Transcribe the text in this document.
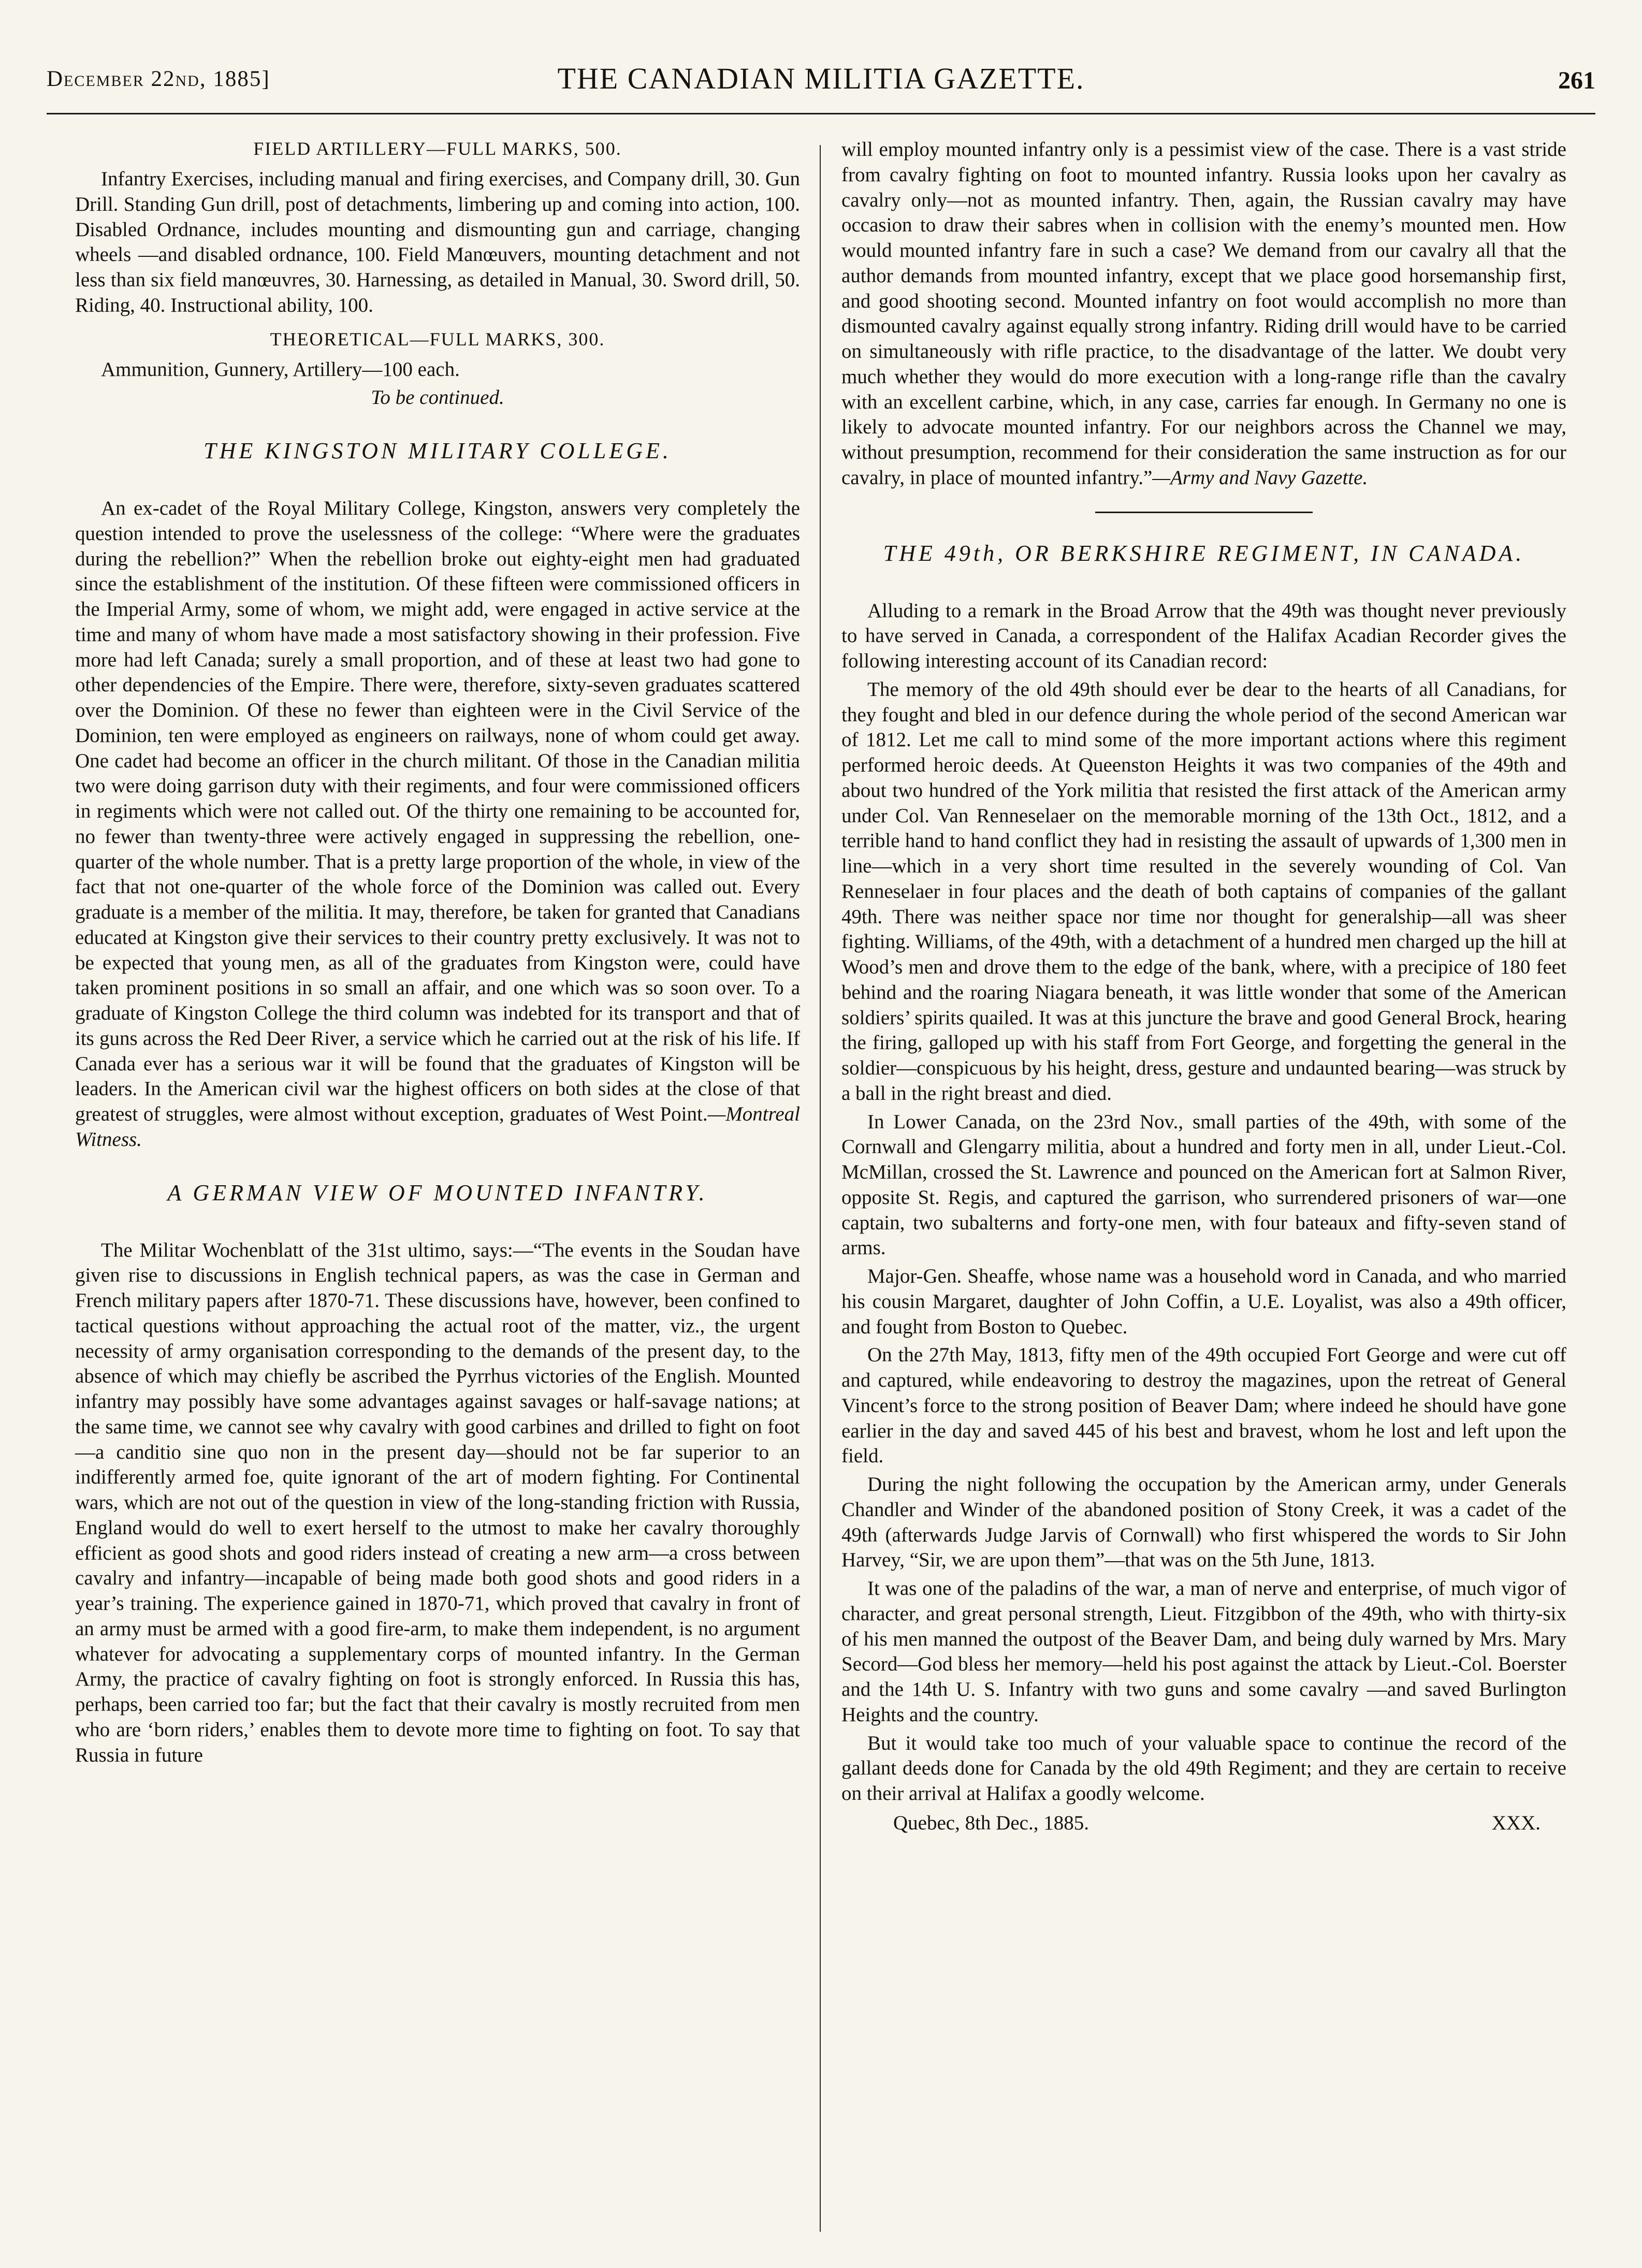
December 22nd, 1885]	THE CANADIAN MILITIA GAZETTE.	261
FIELD ARTILLERY—FULL MARKS, 500.

Infantry Exercises, including manual and firing exercises, and Company drill, 30. Gun Drill. Standing Gun drill, post of detachments, limbering up and coming into action, 100. Disabled Ordnance, includes mounting and dismounting gun and carriage, changing wheels —and disabled ordnance, 100. Field Manœuvers, mounting detachment and not less than six field manœuvres, 30. Harnessing, as detailed in Manual, 30. Sword drill, 50. Riding, 40. Instructional ability, 100.

THEORETICAL—FULL MARKS, 300.

Ammunition, Gunnery, Artillery—100 each.

To be continued.

THE KINGSTON MILITARY COLLEGE.

An ex-cadet of the Royal Military College, Kingston, answers very completely the question intended to prove the uselessness of the college: “Where were the graduates during the rebellion?” When the rebellion broke out eighty-eight men had graduated since the establishment of the institution. Of these fifteen were commissioned officers in the Imperial Army, some of whom, we might add, were engaged in active service at the time and many of whom have made a most satisfactory showing in their profession. Five more had left Canada; surely a small proportion, and of these at least two had gone to other dependencies of the Empire. There were, therefore, sixty-seven graduates scattered over the Dominion. Of these no fewer than eighteen were in the Civil Service of the Dominion, ten were employed as engineers on railways, none of whom could get away. One cadet had become an officer in the church militant. Of those in the Canadian militia two were doing garrison duty with their regiments, and four were commissioned officers in regiments which were not called out. Of the thirty one remaining to be accounted for, no fewer than twenty-three were actively engaged in suppressing the rebellion, one-quarter of the whole number. That is a pretty large proportion of the whole, in view of the fact that not one-quarter of the whole force of the Dominion was called out. Every graduate is a member of the militia. It may, therefore, be taken for granted that Canadians educated at Kingston give their services to their country pretty exclusively. It was not to be expected that young men, as all of the graduates from Kingston were, could have taken prominent positions in so small an affair, and one which was so soon over. To a graduate of Kingston College the third column was indebted for its transport and that of its guns across the Red Deer River, a service which he carried out at the risk of his life. If Canada ever has a serious war it will be found that the graduates of Kingston will be leaders. In the American civil war the highest officers on both sides at the close of that greatest of struggles, were almost without exception, graduates of West Point.—Montreal Witness.

A GERMAN VIEW OF MOUNTED INFANTRY.

The Militar Wochenblatt of the 31st ultimo, says:—“The events in the Soudan have given rise to discussions in English technical papers, as was the case in German and French military papers after 1870-71. These discussions have, however, been confined to tactical questions without approaching the actual root of the matter, viz., the urgent necessity of army organisation corresponding to the demands of the present day, to the absence of which may chiefly be ascribed the Pyrrhus victories of the English. Mounted infantry may possibly have some advantages against savages or half-savage nations; at the same time, we cannot see why cavalry with good carbines and drilled to fight on foot —a canditio sine quo non in the present day—should not be far superior to an indifferently armed foe, quite ignorant of the art of modern fighting. For Continental wars, which are not out of the question in view of the long-standing friction with Russia, England would do well to exert herself to the utmost to make her cavalry thoroughly efficient as good shots and good riders instead of creating a new arm—a cross between cavalry and infantry—incapable of being made both good shots and good riders in a year’s training. The experience gained in 1870-71, which proved that cavalry in front of an army must be armed with a good fire-arm, to make them independent, is no argument whatever for advocating a supplementary corps of mounted infantry. In the German Army, the practice of cavalry fighting on foot is strongly enforced. In Russia this has, perhaps, been carried too far; but the fact that their cavalry is mostly recruited from men who are ‘born riders,’ enables them to devote more time to fighting on foot. To say that Russia in future

will employ mounted infantry only is a pessimist view of the case. There is a vast stride from cavalry fighting on foot to mounted infantry. Russia looks upon her cavalry as cavalry only—not as mounted infantry. Then, again, the Russian cavalry may have occasion to draw their sabres when in collision with the enemy’s mounted men. How would mounted infantry fare in such a case? We demand from our cavalry all that the author demands from mounted infantry, except that we place good horsemanship first, and good shooting second. Mounted infantry on foot would accomplish no more than dismounted cavalry against equally strong infantry. Riding drill would have to be carried on simultaneously with rifle practice, to the disadvantage of the latter. We doubt very much whether they would do more execution with a long-range rifle than the cavalry with an excellent carbine, which, in any case, carries far enough. In Germany no one is likely to advocate mounted infantry. For our neighbors across the Channel we may, without presumption, recommend for their consideration the same instruction as for our cavalry, in place of mounted infantry.”—Army and Navy Gazette.

THE 49th, OR BERKSHIRE REGIMENT, IN CANADA.

Alluding to a remark in the Broad Arrow that the 49th was thought never previously to have served in Canada, a correspondent of the Halifax Acadian Recorder gives the following interesting account of its Canadian record:

The memory of the old 49th should ever be dear to the hearts of all Canadians, for they fought and bled in our defence during the whole period of the second American war of 1812. Let me call to mind some of the more important actions where this regiment performed heroic deeds. At Queenston Heights it was two companies of the 49th and about two hundred of the York militia that resisted the first attack of the American army under Col. Van Renneselaer on the memorable morning of the 13th Oct., 1812, and a terrible hand to hand conflict they had in resisting the assault of upwards of 1,300 men in line—which in a very short time resulted in the severely wounding of Col. Van Renneselaer in four places and the death of both captains of companies of the gallant 49th. There was neither space nor time nor thought for generalship—all was sheer fighting. Williams, of the 49th, with a detachment of a hundred men charged up the hill at Wood’s men and drove them to the edge of the bank, where, with a precipice of 180 feet behind and the roaring Niagara beneath, it was little wonder that some of the American soldiers’ spirits quailed. It was at this juncture the brave and good General Brock, hearing the firing, galloped up with his staff from Fort George, and forgetting the general in the soldier—conspicuous by his height, dress, gesture and undaunted bearing—was struck by a ball in the right breast and died.

In Lower Canada, on the 23rd Nov., small parties of the 49th, with some of the Cornwall and Glengarry militia, about a hundred and forty men in all, under Lieut.-Col. McMillan, crossed the St. Lawrence and pounced on the American fort at Salmon River, opposite St. Regis, and captured the garrison, who surrendered prisoners of war—one captain, two subalterns and forty-one men, with four bateaux and fifty-seven stand of arms.

Major-Gen. Sheaffe, whose name was a household word in Canada, and who married his cousin Margaret, daughter of John Coffin, a U.E. Loyalist, was also a 49th officer, and fought from Boston to Quebec.

On the 27th May, 1813, fifty men of the 49th occupied Fort George and were cut off and captured, while endeavoring to destroy the magazines, upon the retreat of General Vincent’s force to the strong position of Beaver Dam; where indeed he should have gone earlier in the day and saved 445 of his best and bravest, whom he lost and left upon the field.

During the night following the occupation by the American army, under Generals Chandler and Winder of the abandoned position of Stony Creek, it was a cadet of the 49th (afterwards Judge Jarvis of Cornwall) who first whispered the words to Sir John Harvey, “Sir, we are upon them”—that was on the 5th June, 1813.

It was one of the paladins of the war, a man of nerve and enterprise, of much vigor of character, and great personal strength, Lieut. Fitzgibbon of the 49th, who with thirty-six of his men manned the outpost of the Beaver Dam, and being duly warned by Mrs. Mary Secord—God bless her memory—held his post against the attack by Lieut.-Col. Boerster and the 14th U. S. Infantry with two guns and some cavalry —and saved Burlington Heights and the country.

But it would take too much of your valuable space to continue the record of the gallant deeds done for Canada by the old 49th Regiment; and they are certain to receive on their arrival at Halifax a goodly welcome.

Quebec, 8th Dec., 1885.	XXX.
